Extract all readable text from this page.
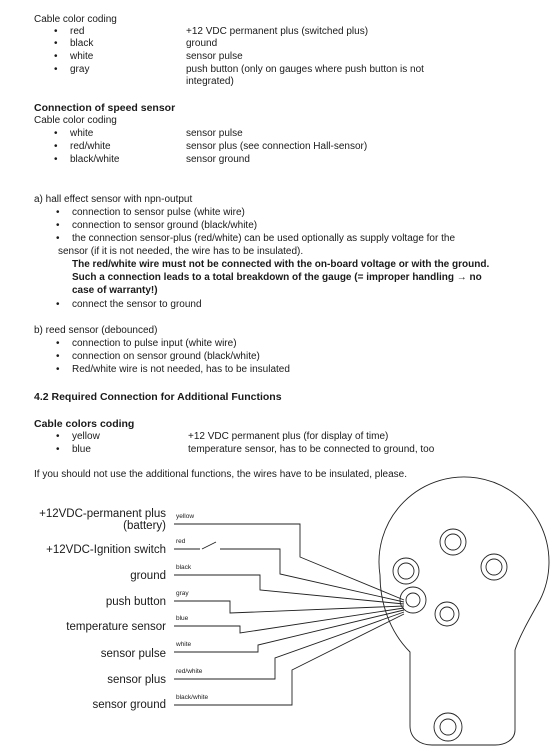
Cable color coding
• red	+12 VDC permanent plus (switched plus)
• black	ground
• white	sensor pulse
• gray	push button (only on gauges where push button is not
integrated)
Connection of speed sensor
Cable color coding
• white	sensor pulse
• red/white	sensor plus (see connection Hall-sensor)
• black/white	sensor ground
a) hall effect sensor with npn-output
• connection to sensor pulse (white wire)
• connection to sensor ground (black/white)
• the connection sensor-plus (red/white) can be used optionally as supply voltage for the
sensor (if it is not needed, the wire has to be insulated).
The red/white wire must not be connected with the on-board voltage or with the ground.
Such a connection leads to a total breakdown of the gauge (= improper handling → no
case of warranty!)
• connect the sensor to ground
b) reed sensor (debounced)
• connection to pulse input (white wire)
• connection on sensor ground (black/white)
• Red/white wire is not needed, has to be insulated
4.2 Required Connection for Additional Functions
Cable colors coding
• yellow	+12 VDC permanent plus (for display of time)
• blue	temperature sensor, has to be connected to ground, too
If you should not use the additional functions, the wires have to be insulated, please.
+12VDC-permanent plus
(battery)
+12VDC-Ignition switch
ground
push button
temperature sensor
sensor pulse
sensor plus
sensor ground
yellow
red
black
gray
blue
white
red/white
black/white
